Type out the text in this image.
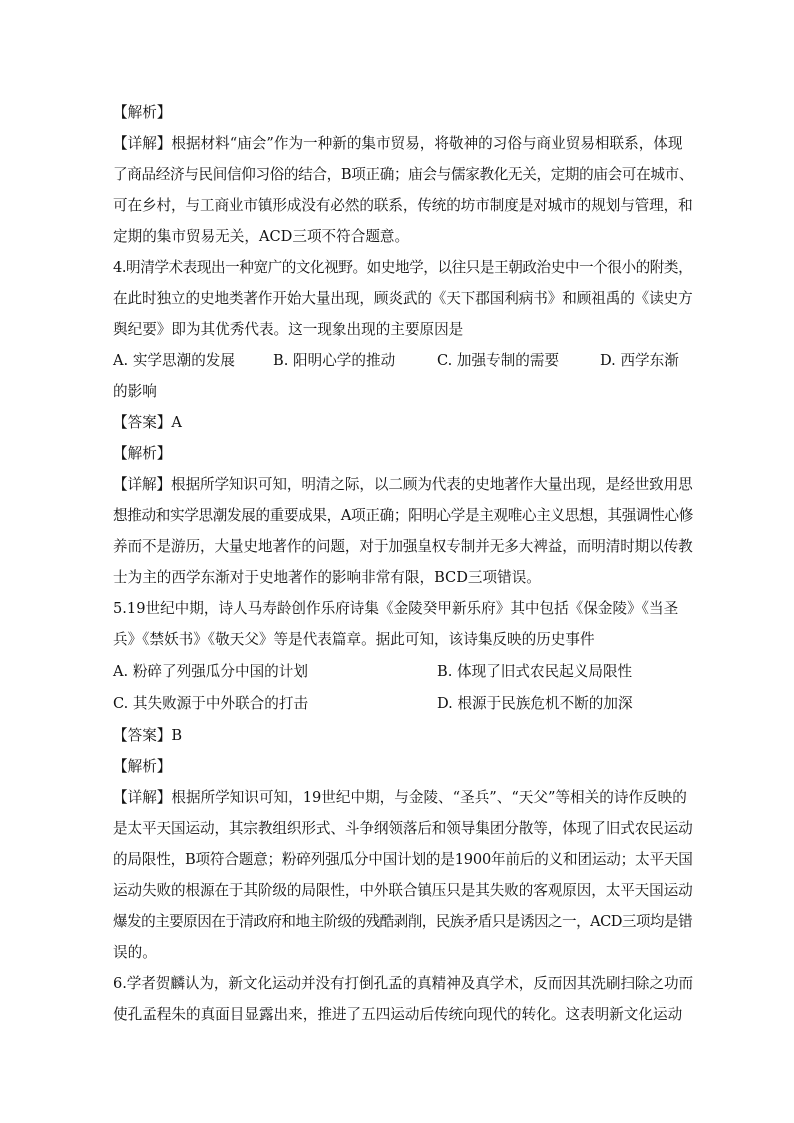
【解析】
【详解】根据材料“庙会”作为一种新的集市贸易，将敬神的习俗与商业贸易相联系，体现
了商品经济与民间信仰习俗的结合，B项正确；庙会与儒家教化无关，定期的庙会可在城市、
可在乡村，与工商业市镇形成没有必然的联系，传统的坊市制度是对城市的规划与管理，和
定期的集市贸易无关，ACD三项不符合题意。
4.明清学术表现出一种宽广的文化视野。如史地学，以往只是王朝政治史中一个很小的附类，
在此时独立的史地类著作开始大量出现，顾炎武的《天下郡国利病书》和顾祖禹的《读史方
舆纪要》即为其优秀代表。这一现象出现的主要原因是
A. 实学思潮的发展	B. 阳明心学的推动	C. 加强专制的需要	D. 西学东渐
的影响
【答案】A
【解析】
【详解】根据所学知识可知，明清之际，以二顾为代表的史地著作大量出现，是经世致用思
想推动和实学思潮发展的重要成果，A项正确；阳明心学是主观唯心主义思想，其强调性心修
养而不是游历，大量史地著作的问题，对于加强皇权专制并无多大裨益，而明清时期以传教
士为主的西学东渐对于史地著作的影响非常有限，BCD三项错误。
5.19世纪中期，诗人马寿龄创作乐府诗集《金陵癸甲新乐府》其中包括《保金陵》《当圣
兵》《禁妖书》《敬天父》等是代表篇章。据此可知，该诗集反映的历史事件
A. 粉碎了列强瓜分中国的计划	B. 体现了旧式农民起义局限性
C. 其失败源于中外联合的打击	D. 根源于民族危机不断的加深
【答案】B
【解析】
【详解】根据所学知识可知，19世纪中期，与金陵、“圣兵”、“天父”等相关的诗作反映的
是太平天国运动，其宗教组织形式、斗争纲领落后和领导集团分散等，体现了旧式农民运动
的局限性，B项符合题意；粉碎列强瓜分中国计划的是1900年前后的义和团运动；太平天国
运动失败的根源在于其阶级的局限性，中外联合镇压只是其失败的客观原因，太平天国运动
爆发的主要原因在于清政府和地主阶级的残酷剥削，民族矛盾只是诱因之一，ACD三项均是错
误的。
6.学者贺麟认为，新文化运动并没有打倒孔孟的真精神及真学术，反而因其洗刷扫除之功而
使孔孟程朱的真面目显露出来，推进了五四运动后传统向现代的转化。这表明新文化运动
